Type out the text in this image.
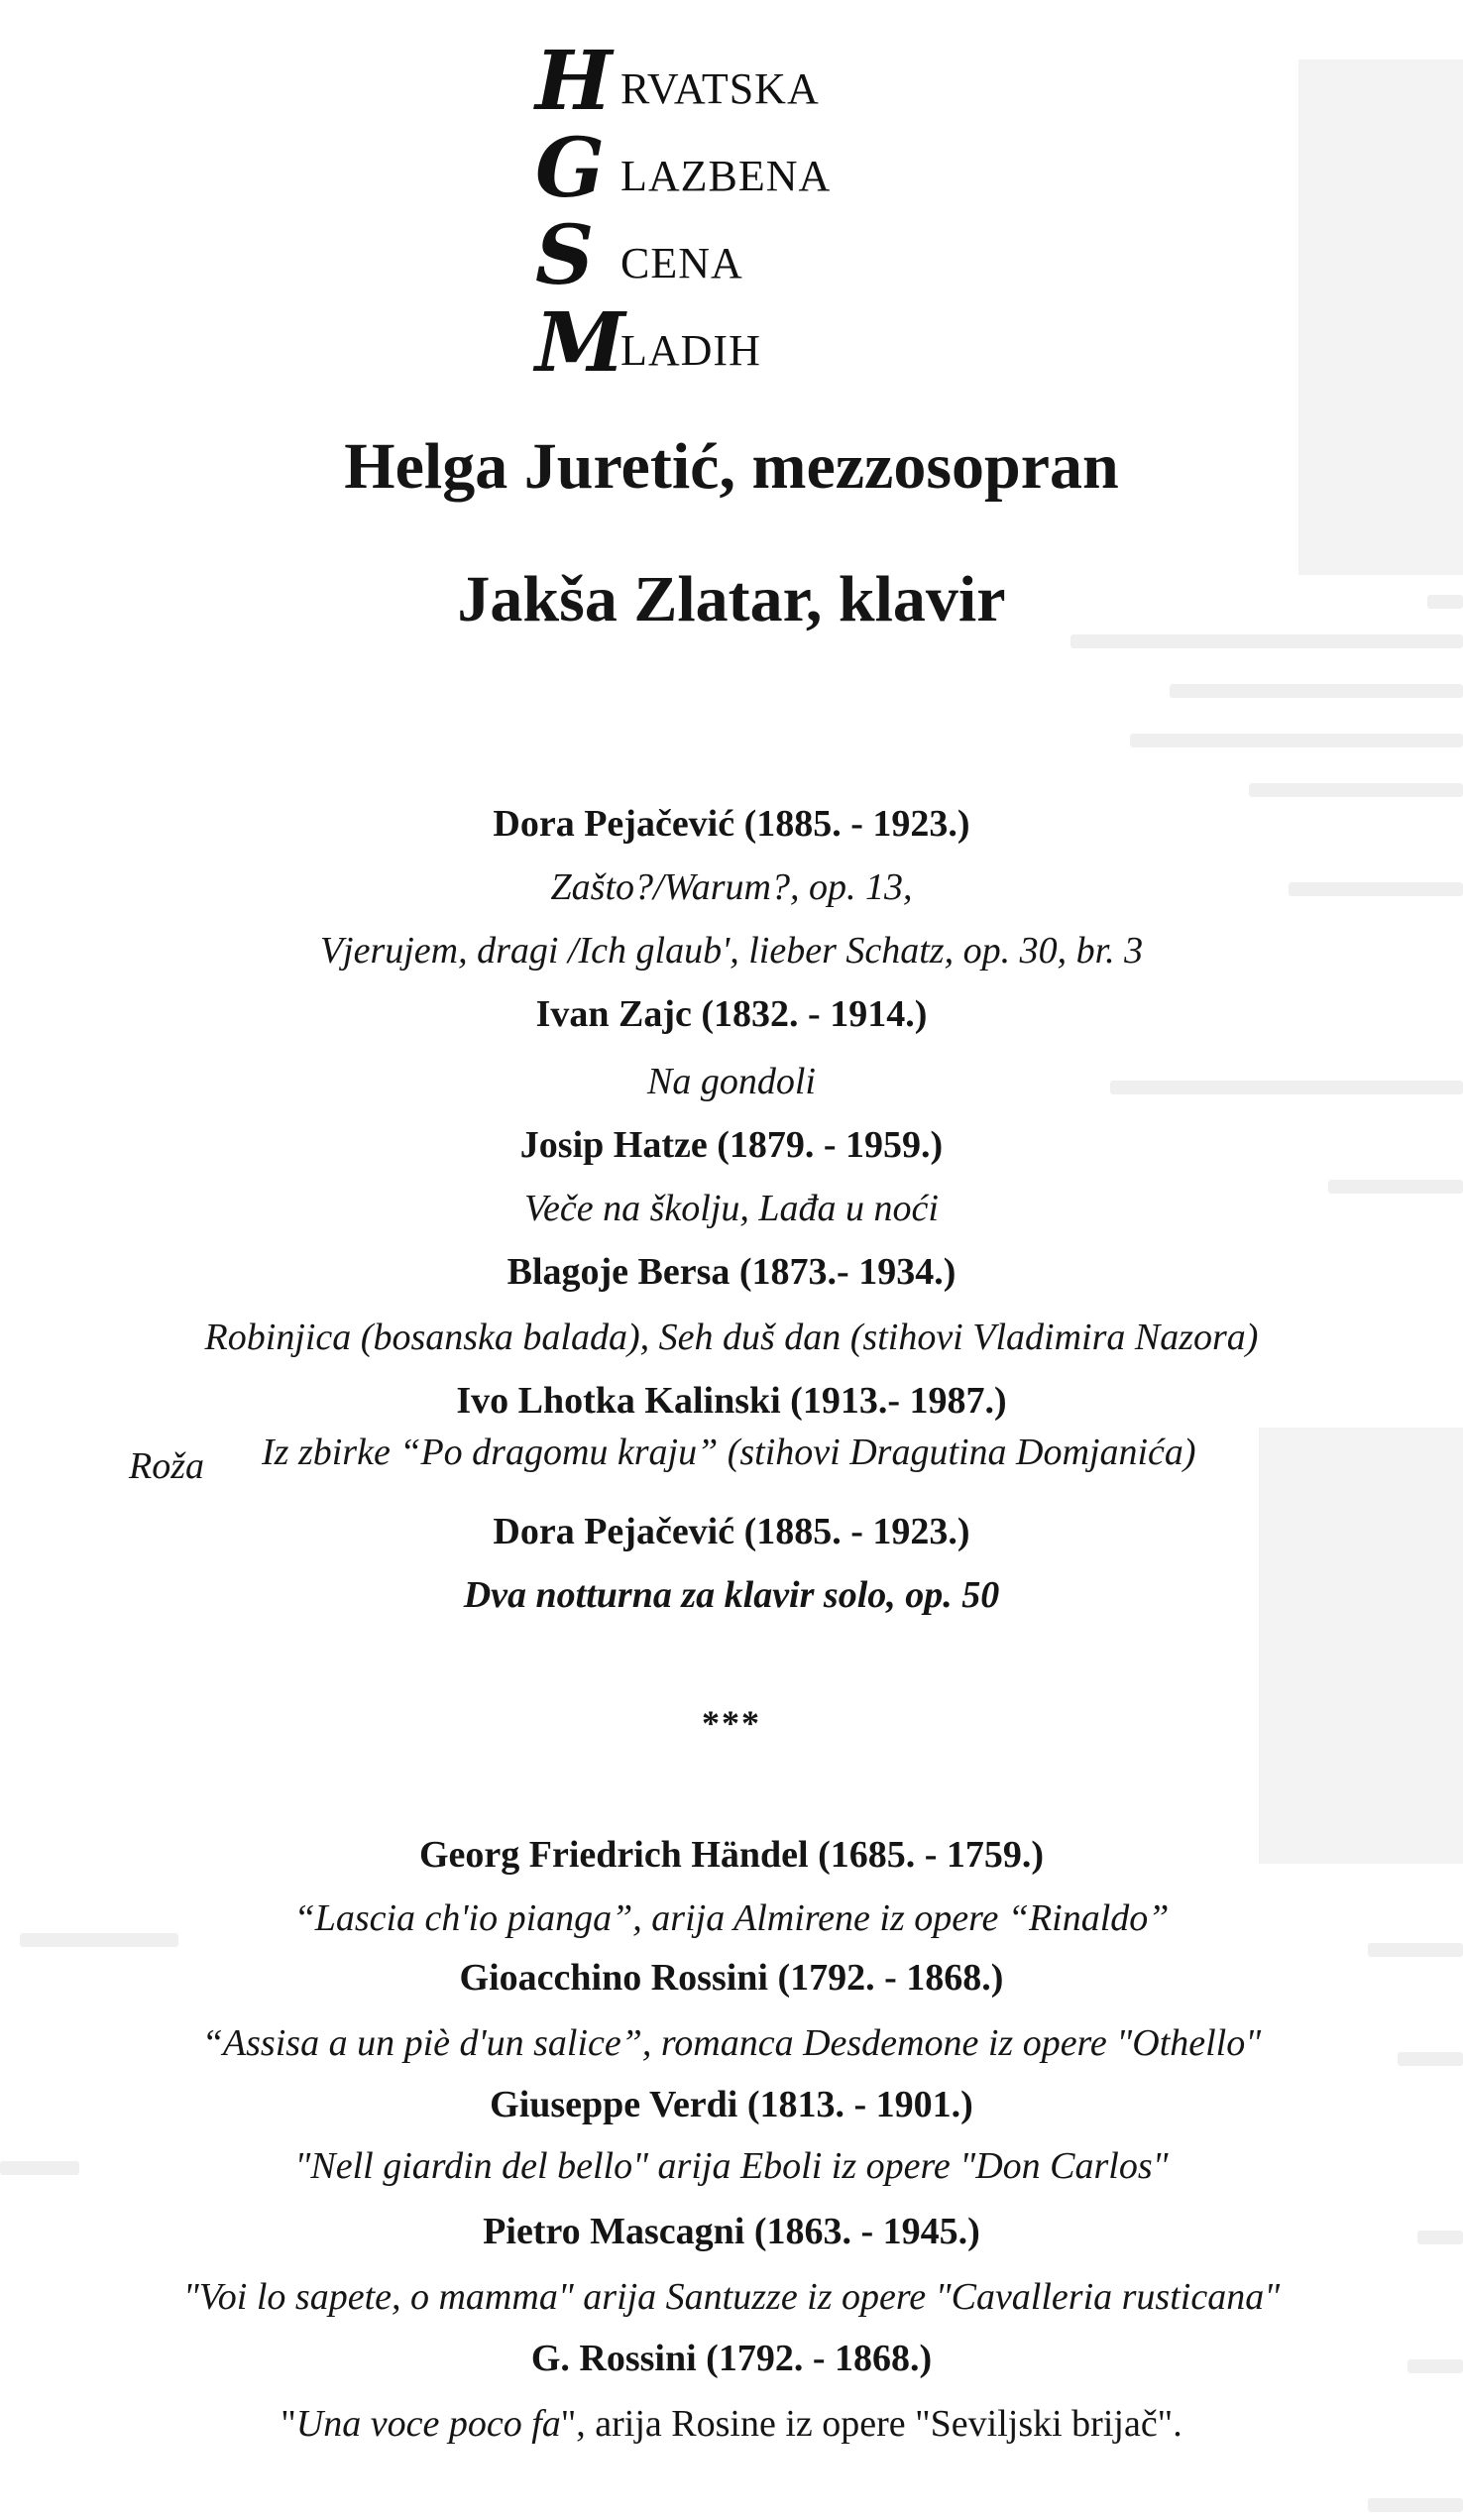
H RVATSKA
G LAZBENA
S CENA
M
LADIH
Helga Juretić, mezzosopran
Jakša Zlatar, klavir
Dora Pejačević (1885. - 1923.)
Zašto?/Warum?, op. 13,
Vjerujem, dragi /Ich glaub', lieber Schatz, op. 30, br. 3
Ivan Zajc (1832. - 1914.)
Na gondoli
Josip Hatze (1879. - 1959.)
Veče na školju, Lađa u noći
Blagoje Bersa (1873.- 1934.)
Robinjica (bosanska balada), Seh duš dan (stihovi Vladimira Nazora)
Ivo Lhotka Kalinski (1913.- 1987.)
Roža Iz zbirke “Po dragomu kraju” (stihovi Dragutina Domjanića)
Dora Pejačević (1885. - 1923.)
Dva notturna za klavir solo, op. 50
***
Georg Friedrich Händel (1685. - 1759.)
“Lascia ch'io pianga”, arija Almirene iz opere “Rinaldo”
Gioacchino Rossini (1792. - 1868.)
“Assisa a un piè d'un salice”, romanca Desdemone iz opere "Othello"
Giuseppe Verdi (1813. - 1901.)
"Nell giardin del bello" arija Eboli iz opere "Don Carlos"
Pietro Mascagni (1863. - 1945.)
"Voi lo sapete, o mamma" arija Santuzze iz opere "Cavalleria rusticana"
G. Rossini (1792. - 1868.)
"Una voce poco fa", arija Rosine iz opere "Seviljski brijač".
